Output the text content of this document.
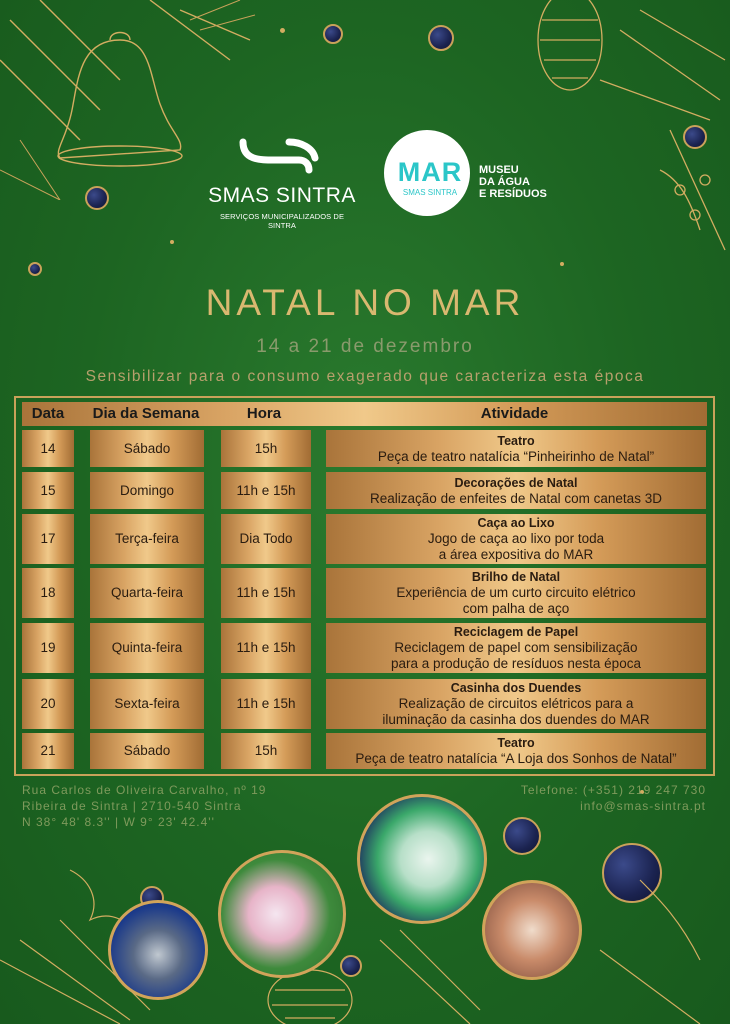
SMAS SINTRA
SERVIÇOS MUNICIPALIZADOS DE SINTRA
MAR
SMAS SINTRA
MUSEU
DA ÁGUA
E RESÍDUOS
NATAL NO MAR
14 a 21 de dezembro
Sensibilizar para o consumo exagerado que caracteriza esta época
Data	Dia da Semana	Hora	Atividade
14	Sábado	15h	Teatro
Peça de teatro natalícia “Pinheirinho de Natal”
15	Domingo	11h e 15h	Decorações de Natal
Realização de enfeites de Natal com canetas 3D
17	Terça-feira	Dia Todo
Caça ao Lixo
Jogo de caça ao lixo por toda
a área expositiva do MAR
18	Quarta-feira	11h e 15h
Brilho de Natal
Experiência de um curto circuito elétrico
com palha de aço
19	Quinta-feira	11h e 15h
Reciclagem de Papel
Reciclagem de papel com sensibilização
para a produção de resíduos nesta época
20	Sexta-feira	11h e 15h
Casinha dos Duendes
Realização de circuitos elétricos para a
iluminação da casinha dos duendes do MAR
21	Sábado	15h	Teatro
Peça de teatro natalícia “A Loja dos Sonhos de Natal”
Rua Carlos de Oliveira Carvalho, nº 19
Ribeira de Sintra | 2710-540 Sintra
N 38° 48' 8.3'' | W 9° 23' 42.4''
Telefone: (+351) 219 247 730
info@smas-sintra.pt
